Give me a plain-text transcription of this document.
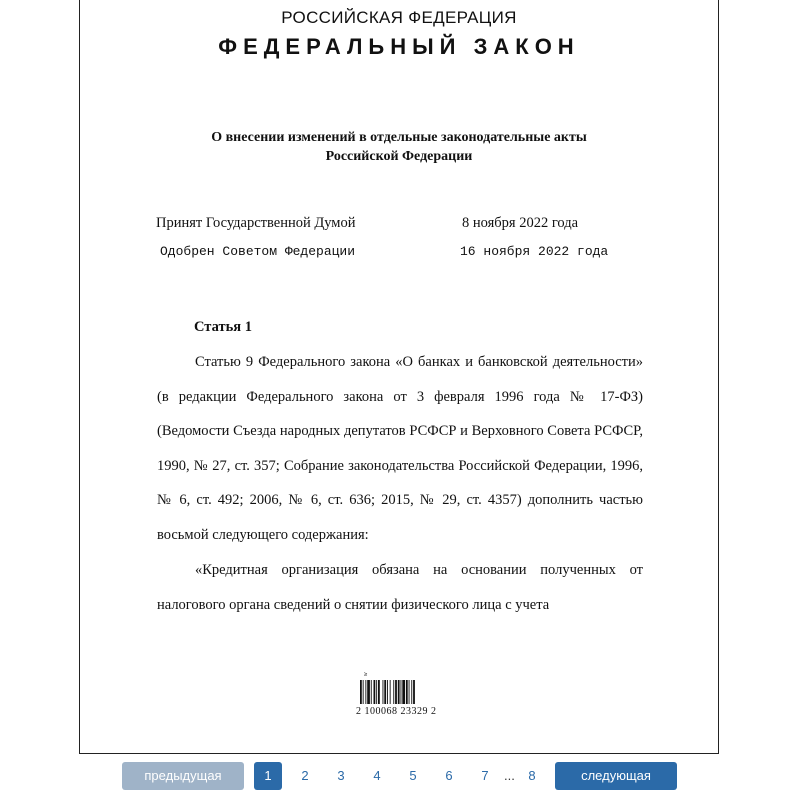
РОССИЙСКАЯ ФЕДЕРАЦИЯ
ФЕДЕРАЛЬНЫЙ ЗАКОН
О внесении изменений в отдельные законодательные акты
Российской Федерации
Принят Государственной Думой	8 ноября 2022 года
Одобрен Советом Федерации	16 ноября 2022 года
Статья 1
Статью 9 Федерального закона «О банках и банковской деятельности» (в редакции Федерального закона от 3 февраля 1996 года № 17-ФЗ) (Ведомости Съезда народных депутатов РСФСР и Верховного Совета РСФСР, 1990, № 27, ст. 357; Собрание законодательства Российской Федерации, 1996, № 6, ст. 492; 2006, № 6, ст. 636; 2015, № 29, ст. 4357) дополнить частью восьмой следующего содержания:
«Кредитная организация обязана на основании полученных от налогового органа сведений о снятии физического лица с учета
≥
2 100068 23329 2
предыдущая	1	2	3	4	5	6	7	...	8	следующая
